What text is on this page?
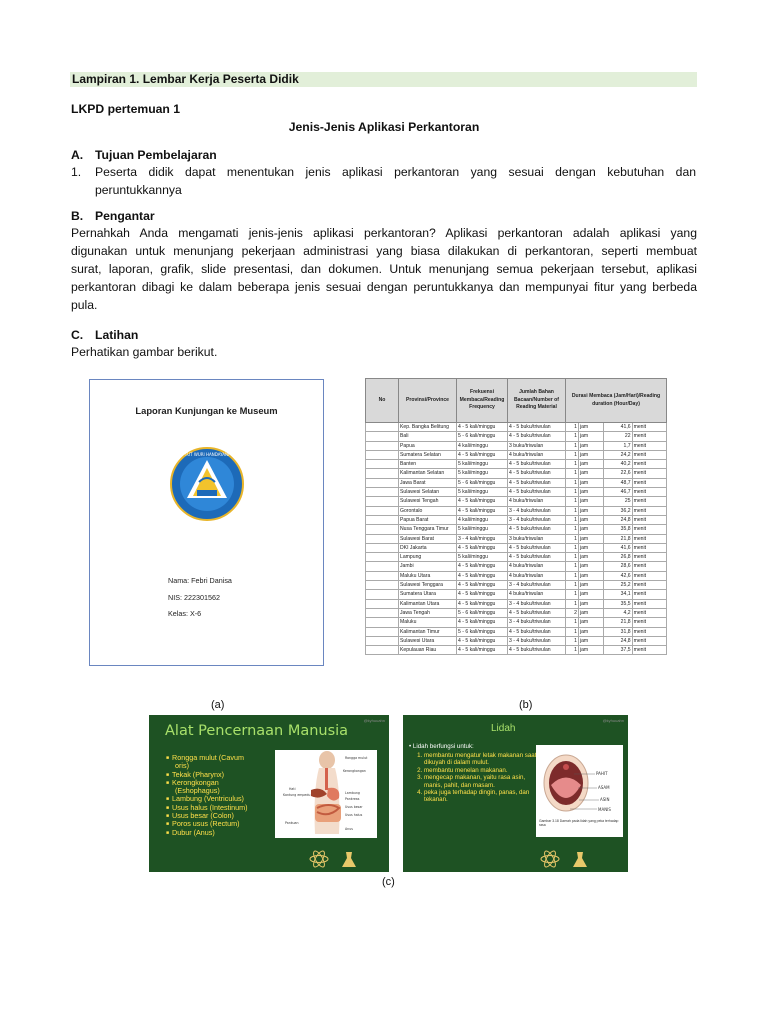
Lampiran 1. Lembar Kerja Peserta Didik
LKPD pertemuan 1
Jenis-Jenis Aplikasi Perkantoran
A. Tujuan Pembelajaran
1. Peserta didik dapat menentukan jenis aplikasi perkantoran yang sesuai dengan kebutuhan dan peruntukkannya
B. Pengantar
Pernahkah Anda mengamati jenis-jenis aplikasi perkantoran? Aplikasi perkantoran adalah aplikasi yang
digunakan untuk menunjang pekerjaan administrasi yang biasa dilakukan di perkantoran, seperti membuat
surat, laporan, grafik, slide presentasi, dan dokumen. Untuk menunjang semua pekerjaan tersebut, aplikasi
perkantoran dibagi ke dalam beberapa jenis sesuai dengan peruntukkanya dan mempunyai fitur yang berbeda
pula.
C. Latihan
Perhatikan gambar berikut.
Laporan Kunjungan ke Museum
TUT WURI HANDAYANI
Nama: Febri Danisa
NIS: 222301562
Kelas: X-6
(a)
No	Provinsi/Province	Frekuensi Membaca/Reading Frequency	Jumlah Bahan Bacaan/Number of Reading Material	Durasi Membaca (Jam/Hari)/Reading duration (Hour/Day)			
	Kep. Bangka Belitung	4 - 5 kali/minggu	4 - 5 buku/triwulan	1	jam	41,6	menit
	Bali	5 - 6 kali/minggu	4 - 5 buku/triwulan	1	jam	22	menit
	Papua	4 kali/minggu	3 buku/triwulan	1	jam	1,7	menit
	Sumatera Selatan	4 - 5 kali/minggu	4 buku/triwulan	1	jam	24,2	menit
	Banten	5 kali/minggu	4 - 5 buku/triwulan	1	jam	40,2	menit
	Kalimantan Selatan	5 kali/minggu	4 - 5 buku/triwulan	1	jam	22,6	menit
	Jawa Barat	5 - 6 kali/minggu	4 - 5 buku/triwulan	1	jam	48,7	menit
	Sulawesi Selatan	5 kali/minggu	4 - 5 buku/triwulan	1	jam	46,7	menit
	Sulawesi Tengah	4 - 5 kali/minggu	4 buku/triwulan	1	jam	25	menit
	Gorontalo	4 - 5 kali/minggu	3 - 4 buku/triwulan	1	jam	36,2	menit
	Papua Barat	4 kali/minggu	3 - 4 buku/triwulan	1	jam	24,8	menit
	Nusa Tenggara Timur	5 kali/minggu	4 - 5 buku/triwulan	1	jam	35,8	menit
	Sulawesi Barat	3 - 4 kali/minggu	3 buku/triwulan	1	jam	21,8	menit
	DKI Jakarta	4 - 5 kali/minggu	4 - 5 buku/triwulan	1	jam	41,6	menit
	Lampung	5 kali/minggu	4 - 5 buku/triwulan	1	jam	26,8	menit
	Jambi	4 - 5 kali/minggu	4 buku/triwulan	1	jam	28,6	menit
	Maluku Utara	4 - 5 kali/minggu	4 buku/triwulan	1	jam	42,6	menit
	Sulawesi Tenggara	4 - 5 kali/minggu	3 - 4 buku/triwulan	1	jam	25,2	menit
	Sumatera Utara	4 - 5 kali/minggu	4 buku/triwulan	1	jam	34,1	menit
	Kalimantan Utara	4 - 5 kali/minggu	3 - 4 buku/triwulan	1	jam	35,5	menit
	Jawa Tengah	5 - 6 kali/minggu	4 - 5 buku/triwulan	2	jam	4,2	menit
	Maluku	4 - 5 kali/minggu	3 - 4 buku/triwulan	1	jam	21,8	menit
	Kalimantan Timur	5 - 6 kali/minggu	4 - 5 buku/triwulan	1	jam	31,8	menit
	Sulawesi Utara	4 - 5 kali/minggu	3 - 4 buku/triwulan	1	jam	24,8	menit
	Kepulauan Riau	4 - 5 kali/minggu	4 - 5 buku/triwulan	1	jam	37,5	menit
(b)
@kyhuuahn
Alat Pencernaan Manusia
■ Rongga mulut (Cavum
oris)
■ Tekak (Pharynx)
■ Kerongkongan
(Eshophagus)
■ Lambung (Ventriculus)
■ Usus halus (Intestinum)
■ Usus besar (Colon)
■ Poros usus (Rectum)
■ Dubur (Anus)
Rongga mulut
Kerongkongan
Hati
Kantung empedu	Lambung
Pankreas
Usus besar
Usus halus
Pankuan
Anus
@kyhuuahn
Lidah
• Lidah berfungsi untuk:
1. membantu mengatur letak makanan saat dikuyah di dalam mulut.
2. membantu menelan makanan.
3. mengecap makanan, yaitu rasa asin, manis, pahit, dan masam.
4. peka juga terhadap dingin, panas, dan tekanan.
PAHIT
ASAM
ASIN
MANIS
Gambar 3.18 Daerah pada lidah yang peka terhadap rasa
(c)
